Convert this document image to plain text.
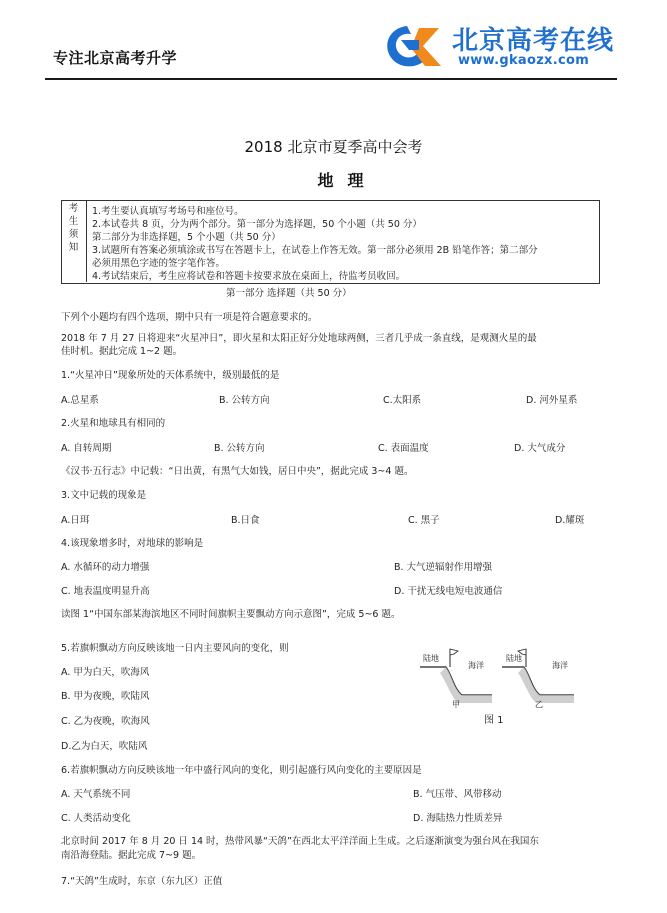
专注北京高考升学
北京高考在线
www.gkaozx.com
2018 北京市夏季高中会考
地理
考
生
须
知
1.考生要认真填写考场号和座位号。
2.本试卷共 8 页，分为两个部分。第一部分为选择题，50 个小题（共 50 分）
第二部分为非选择题，5 个小题（共 50 分）
3.试题所有答案必须填涂或书写在答题卡上，在试卷上作答无效。第一部分必须用 2B 铅笔作答；第二部分
必须用黑色字迹的签字笔作答。
4.考试结束后，考生应将试卷和答题卡按要求放在桌面上，待监考员收回。
第一部分 选择题（共 50 分）
下列个小题均有四个选项，期中只有一项是符合题意要求的。
2018 年 7 月 27 日将迎来“火星冲日”，即火星和太阳正好分处地球两侧，三者几乎成一条直线，是观测火星的最
佳时机。据此完成 1~2 题。
1.“火星冲日”现象所处的天体系统中，级别最低的是
A.总星系	B. 公转方向	C.太阳系	D. 河外星系
2.火星和地球具有相同的
A. 自转周期	B. 公转方向	C. 表面温度	D. 大气成分
《汉书·五行志》中记载：“日出黄，有黑气大如钱，居日中央”，据此完成 3~4 题。
3.文中记载的现象是
A.日珥	B.日食	C. 黑子	D.耀斑
4.该现象增多时，对地球的影响是
A. 水循环的动力增强	B. 大气逆辐射作用增强
C. 地表温度明显升高	D. 干扰无线电短电波通信
读图 1“中国东部某海滨地区不同时间旗帜主要飘动方向示意图”，完成 5~6 题。
5.若旗帜飘动方向反映该地一日内主要风向的变化，则
A. 甲为白天，吹海风
B. 甲为夜晚，吹陆风
C. 乙为夜晚，吹海风
D.乙为白天，吹陆风
陆地
海洋
陆地
海洋
甲	乙
图 1
6.若旗帜飘动方向反映该地一年中盛行风向的变化，则引起盛行风向变化的主要原因是
A. 天气系统不同	B. 气压带、风带移动
C. 人类活动变化	D. 海陆热力性质差异
北京时间 2017 年 8 月 20 日 14 时，热带风暴“天鸽”在西北太平洋洋面上生成。之后逐渐演变为强台风在我国东
南沿海登陆。据此完成 7~9 题。
7.“天鸽”生成时，东京（东九区）正值
